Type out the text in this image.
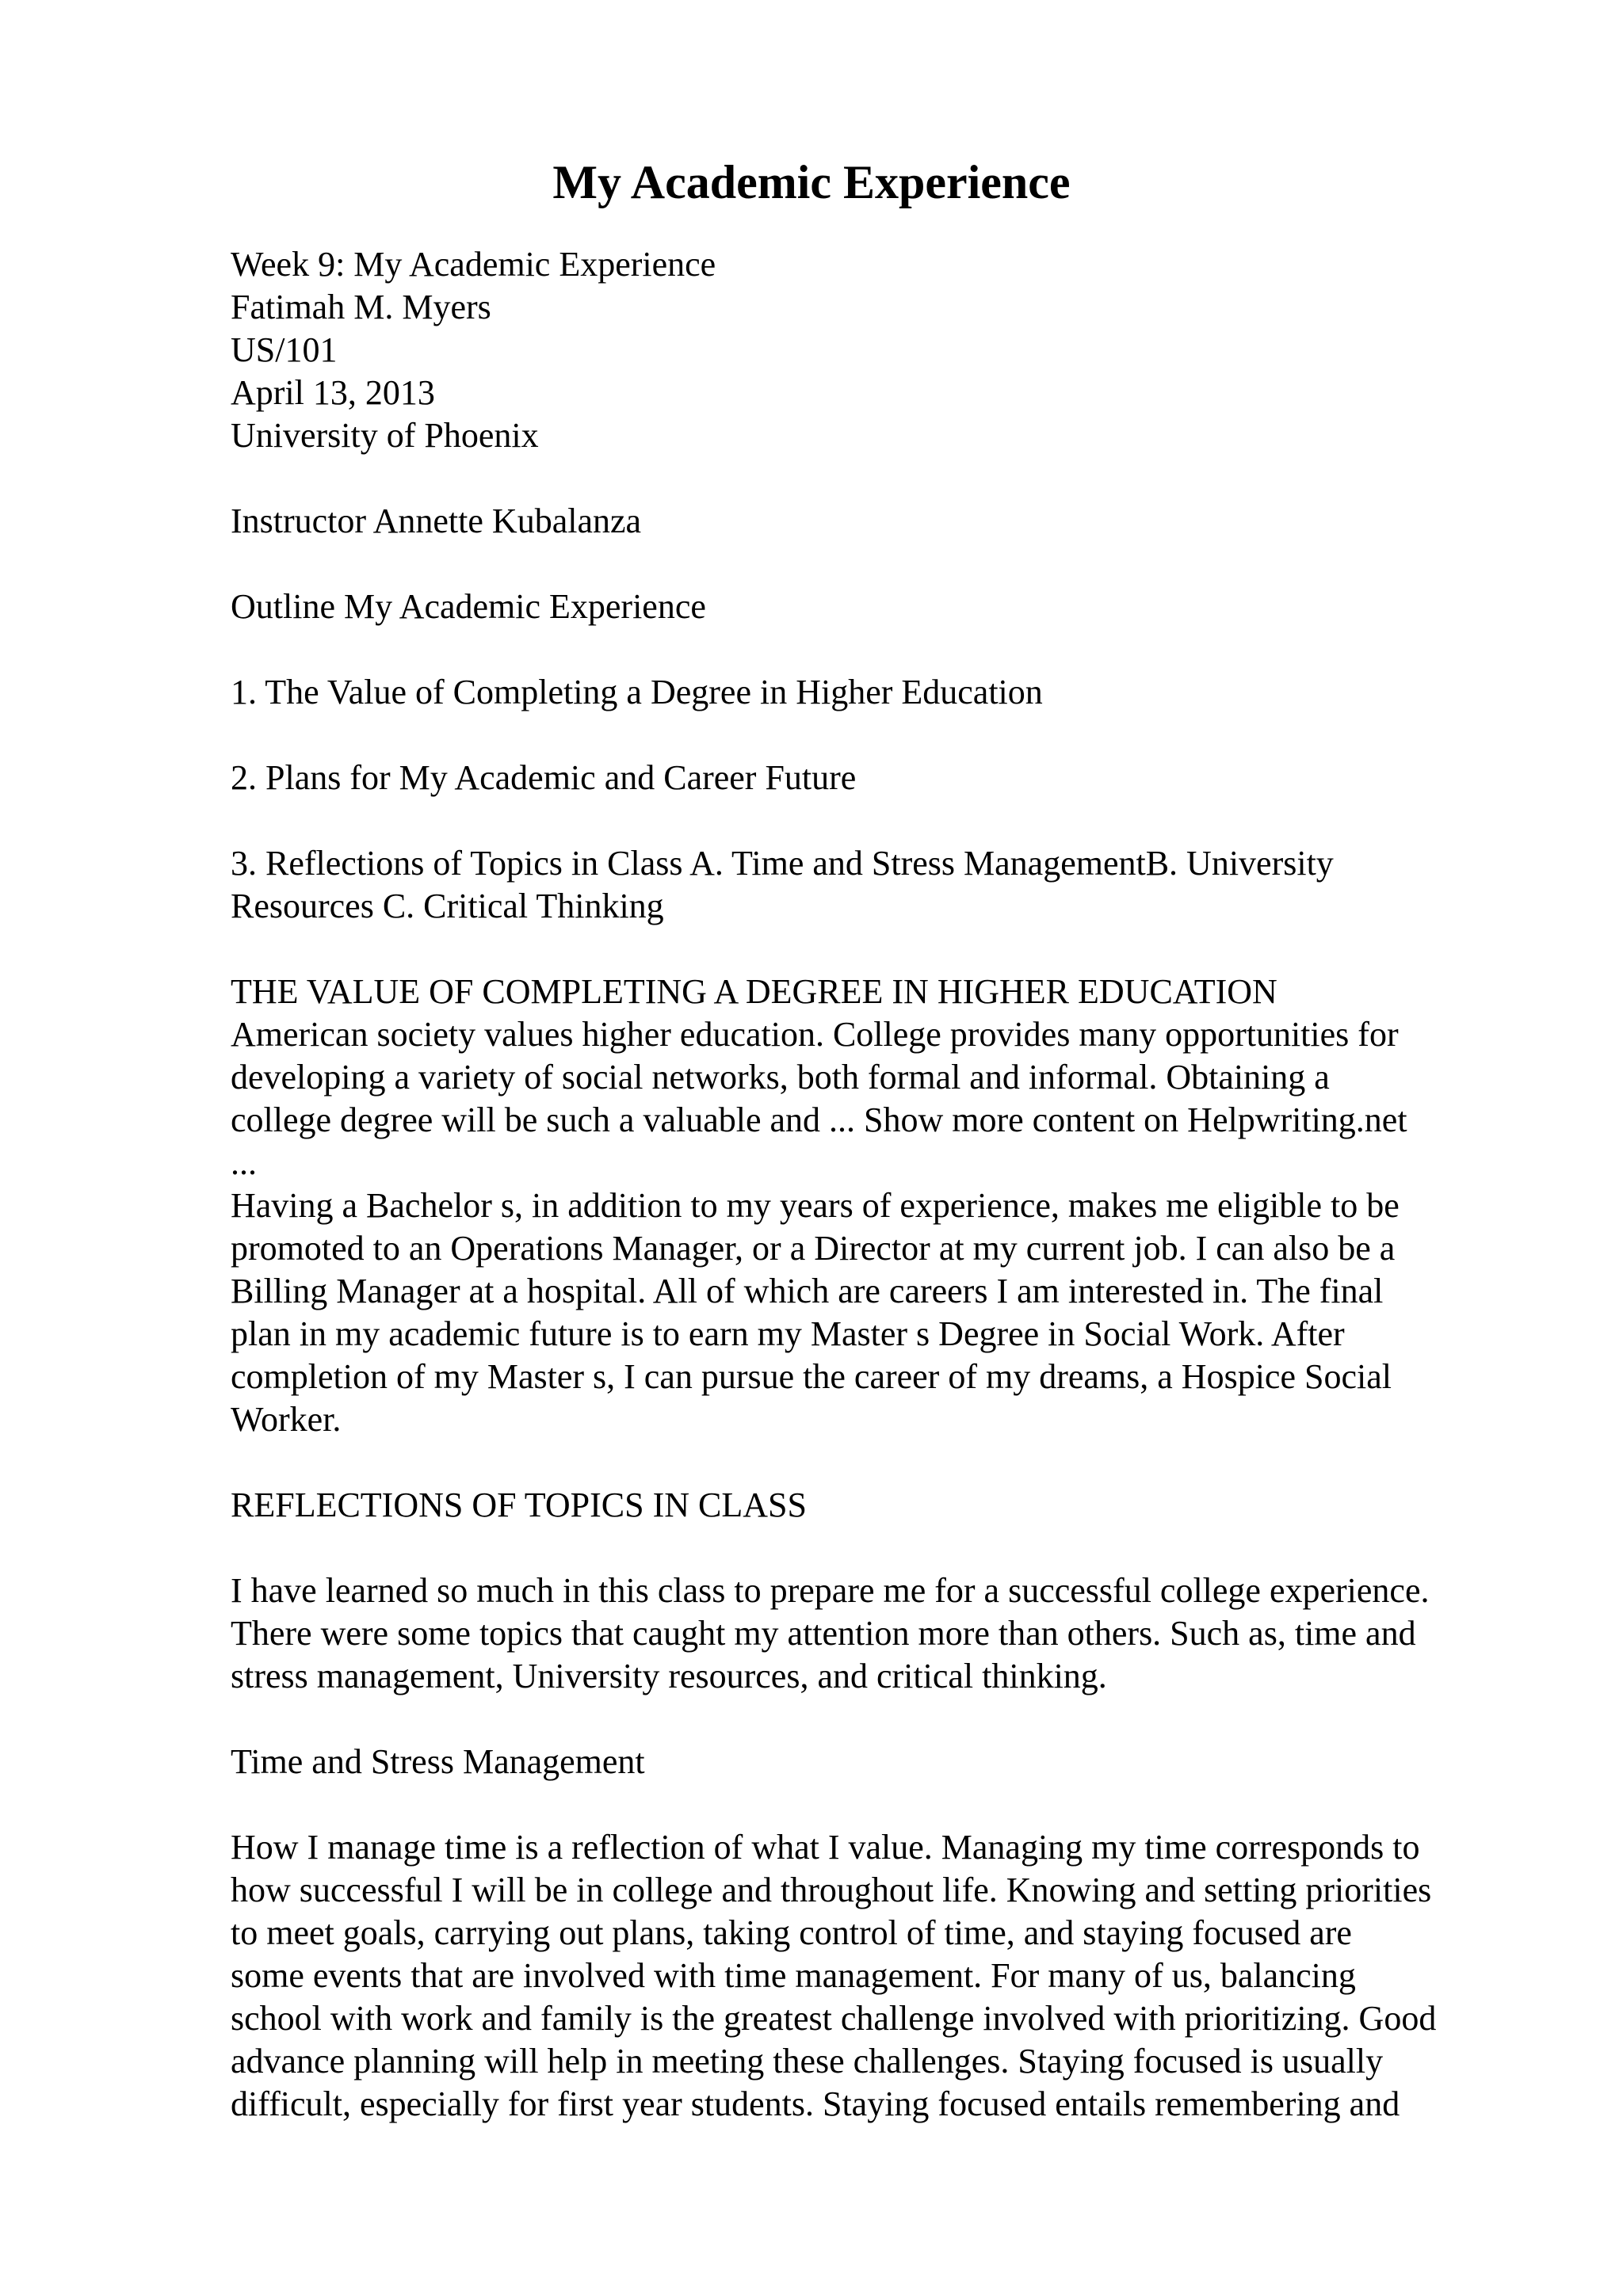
My Academic Experience
Week 9: My Academic Experience
Fatimah M. Myers
US/101
April 13, 2013
University of Phoenix
Instructor Annette Kubalanza
Outline My Academic Experience
1. The Value of Completing a Degree in Higher Education
2. Plans for My Academic and Career Future
3. Reflections of Topics in Class A. Time and Stress ManagementB. University
Resources C. Critical Thinking
THE VALUE OF COMPLETING A DEGREE IN HIGHER EDUCATION
American society values higher education. College provides many opportunities for
developing a variety of social networks, both formal and informal. Obtaining a
college degree will be such a valuable and ... Show more content on Helpwriting.net
...
Having a Bachelor s, in addition to my years of experience, makes me eligible to be
promoted to an Operations Manager, or a Director at my current job. I can also be a
Billing Manager at a hospital. All of which are careers I am interested in. The final
plan in my academic future is to earn my Master s Degree in Social Work. After
completion of my Master s, I can pursue the career of my dreams, a Hospice Social
Worker.
REFLECTIONS OF TOPICS IN CLASS
I have learned so much in this class to prepare me for a successful college experience.
There were some topics that caught my attention more than others. Such as, time and
stress management, University resources, and critical thinking.
Time and Stress Management
How I manage time is a reflection of what I value. Managing my time corresponds to
how successful I will be in college and throughout life. Knowing and setting priorities
to meet goals, carrying out plans, taking control of time, and staying focused are
some events that are involved with time management. For many of us, balancing
school with work and family is the greatest challenge involved with prioritizing. Good
advance planning will help in meeting these challenges. Staying focused is usually
difficult, especially for first year students. Staying focused entails remembering and
